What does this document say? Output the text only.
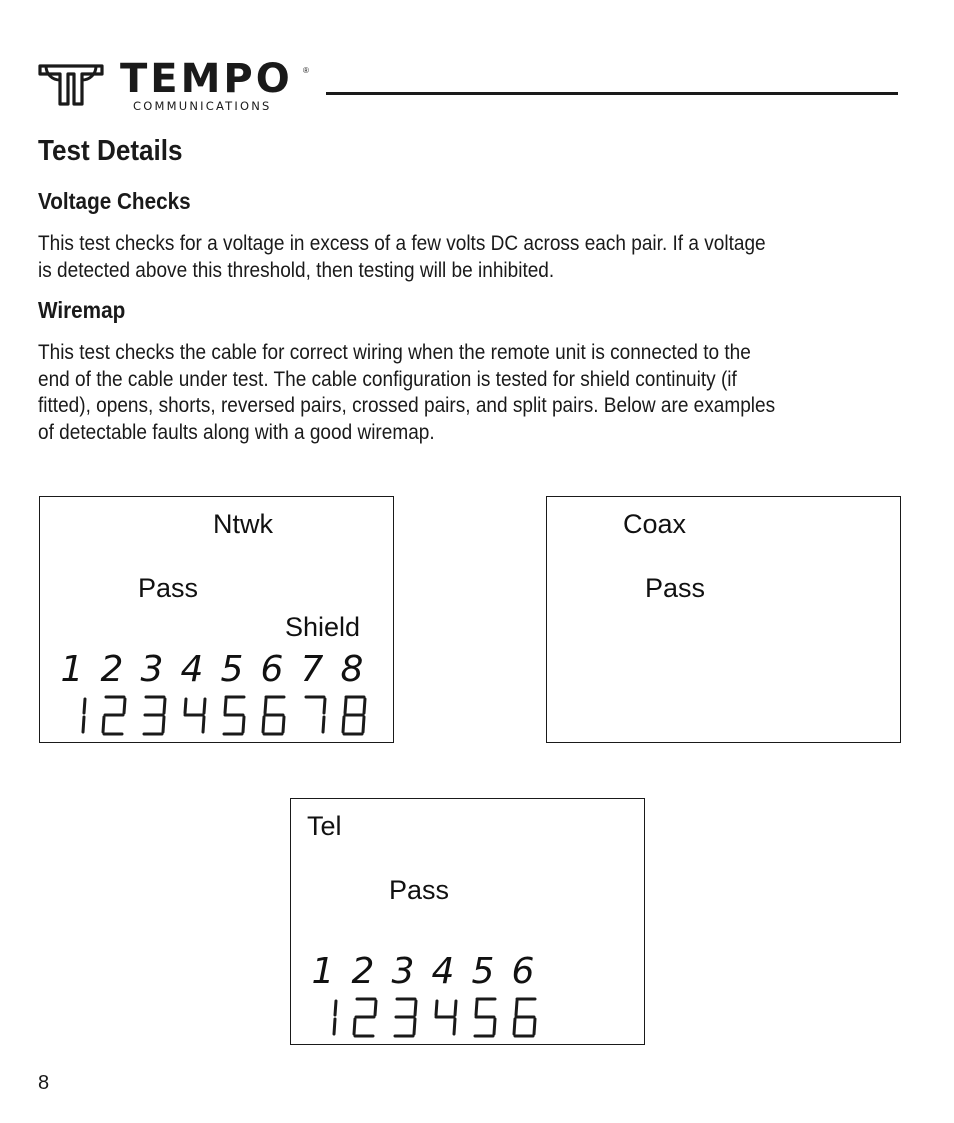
TEMPO ®
COMMUNICATIONS
Test Details
Voltage Checks
This test checks for a voltage in excess of a few volts DC across each pair. If a voltage
is detected above this threshold, then testing will be inhibited.
Wiremap
This test checks the cable for correct wiring when the remote unit is connected to the
end of the cable under test. The cable configuration is tested for shield continuity (if
fitted), opens, shorts, reversed pairs, crossed pairs, and split pairs. Below are examples
of detectable faults along with a good wiremap.
Ntwk
Pass
Shield
1 2 3 4 5 6 7 8
Coax
Pass
Tel
Pass
1 2 3 4 5 6
8
